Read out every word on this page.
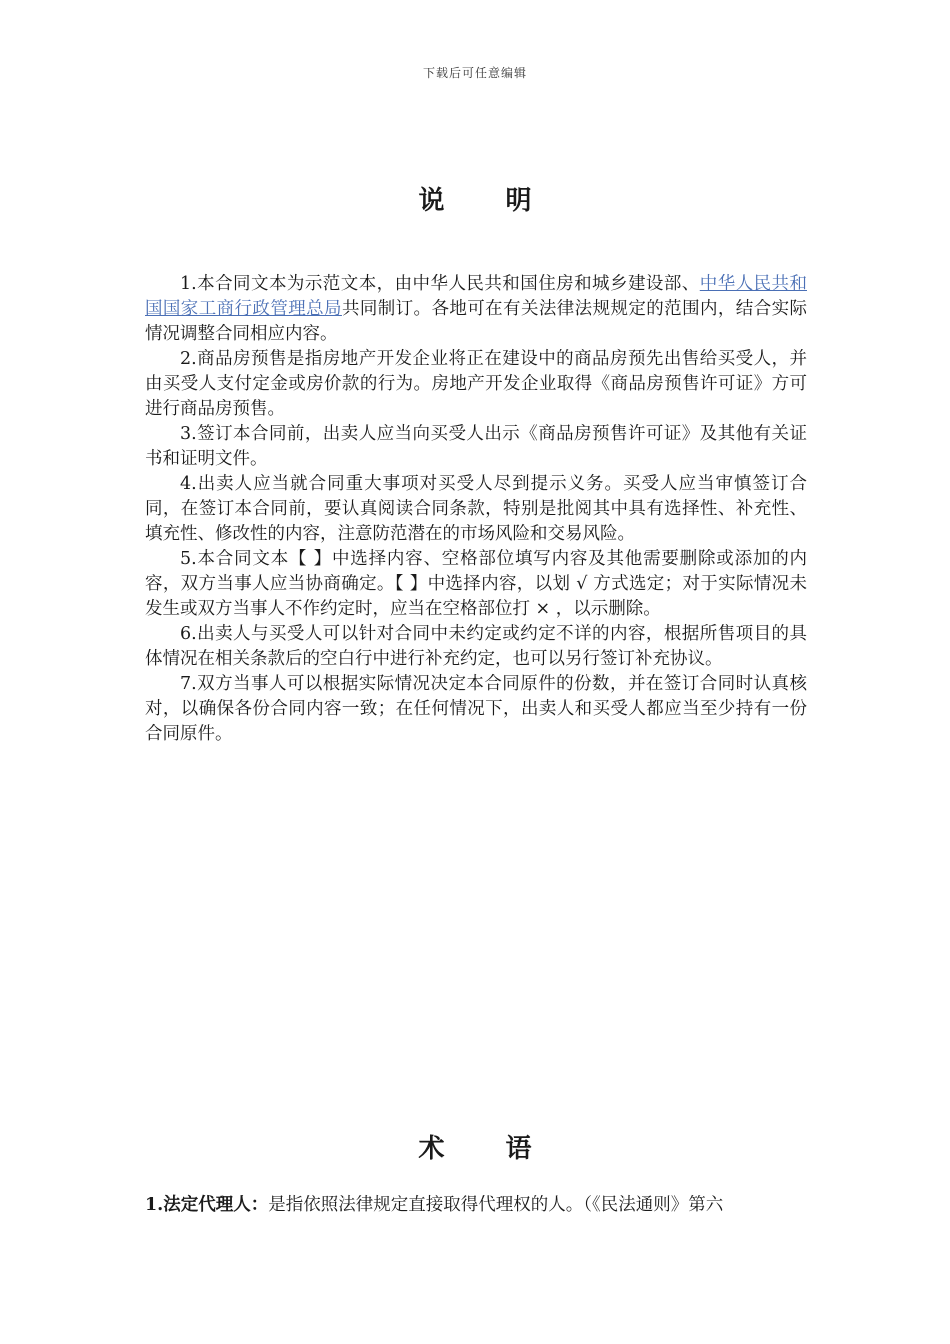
下载后可任意编辑
说 明

1.本合同文本为示范文本，由中华人民共和国住房和城乡建设部、中华人民共和国国家工商行政管理总局共同制订。各地可在有关法律法规规定的范围内，结合实际情况调整合同相应内容。

2.商品房预售是指房地产开发企业将正在建设中的商品房预先出售给买受人，并由买受人支付定金或房价款的行为。房地产开发企业取得《商品房预售许可证》方可进行商品房预售。

3.签订本合同前，出卖人应当向买受人出示《商品房预售许可证》及其他有关证书和证明文件。

4.出卖人应当就合同重大事项对买受人尽到提示义务。买受人应当审慎签订合同，在签订本合同前，要认真阅读合同条款，特别是批阅其中具有选择性、补充性、填充性、修改性的内容，注意防范潜在的市场风险和交易风险。

5.本合同文本【 】中选择内容、空格部位填写内容及其他需要删除或添加的内容，双方当事人应当协商确定。【 】中选择内容，以划 √ 方式选定；对于实际情况未发生或双方当事人不作约定时，应当在空格部位打 × ，以示删除。

6.出卖人与买受人可以针对合同中未约定或约定不详的内容，根据所售项目的具体情况在相关条款后的空白行中进行补充约定，也可以另行签订补充协议。

7.双方当事人可以根据实际情况决定本合同原件的份数，并在签订合同时认真核对，以确保各份合同内容一致；在任何情况下，出卖人和买受人都应当至少持有一份合同原件。

术 语
1.法定代理人：是指依照法律规定直接取得代理权的人。（《民法通则》第六
